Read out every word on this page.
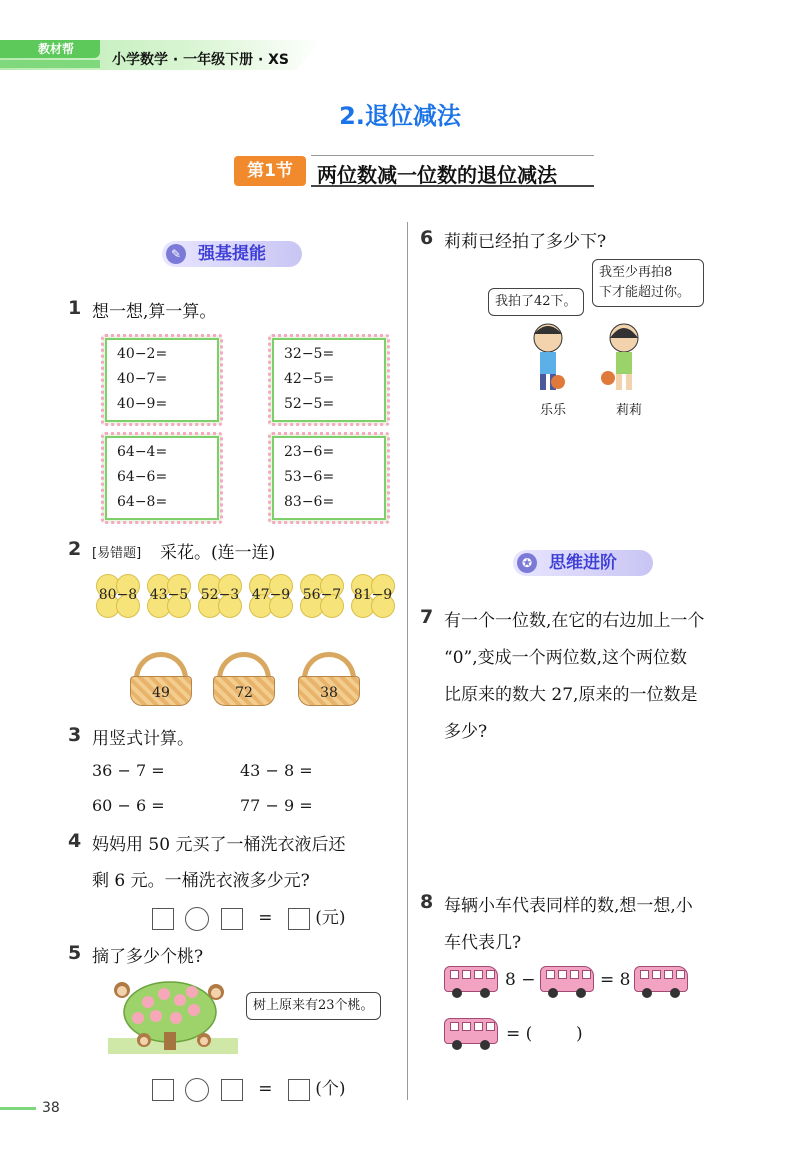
教材帮
小学数学 · 一年级下册 · XS
2.退位减法
第1节	两位数减一位数的退位减法
✎ 强基提能
1 想一想,算一算。
40−2=
40−7=
40−9=
32−5=
42−5=
52−5=
64−4=
64−6=
64−8=
23−6=
53−6=
83−6=
2 [易错题] 采花。(连一连)
80−8 43−5 52−3 47−9 56−7 81−9
49	72	38
3 用竖式计算。
36 − 7 =	43 − 8 =
60 − 6 =	77 − 9 =
4 妈妈用 50 元买了一桶洗衣液后还
剩 6 元。一桶洗衣液多少元?
=	(元)
5 摘了多少个桃?
树上原来有23个桃。
=	(个)
6 莉莉已经拍了多少下?
我拍了42下。
我至少再拍8
下才能超过你。
乐乐	莉莉
✪ 思维进阶
7 有一个一位数,在它的右边加上一个
“0”,变成一个两位数,这个两位数
比原来的数大 27,原来的一位数是
多少?
8 每辆小车代表同样的数,想一想,小
车代表几?
8 −	= 8
= (	)
38
